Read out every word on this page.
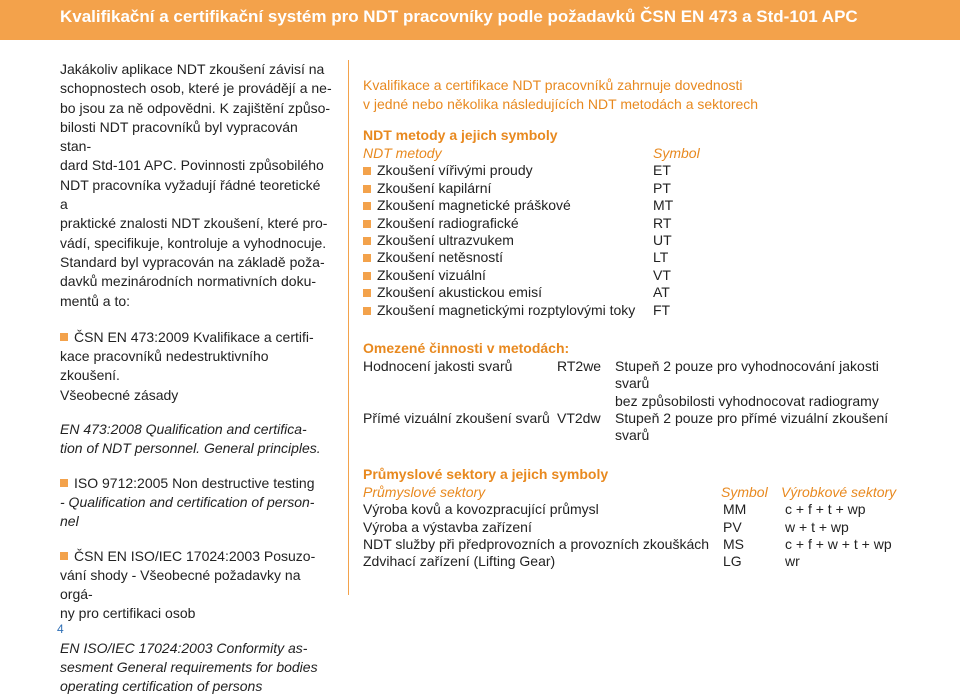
Kvalifikační a certifikační systém pro NDT pracovníky podle požadavků ČSN EN 473 a Std-101 APC

Jakákoliv aplikace NDT zkoušení závisí na

schopnostech osob, které je provádějí a ne-

bo jsou za ně odpovědni. K zajištění způso-

bilosti NDT pracovníků byl vypracován stan-

dard Std-101 APC. Povinnosti způsobilého

NDT pracovníka vyžadují řádné teoretické a

praktické znalosti NDT zkoušení, které pro-

vádí, specifikuje, kontroluje a vyhodnocuje.

Standard byl vypracován na základě poža-

davků mezinárodních normativních doku-

mentů a to:

ČSN EN 473:2009 Kvalifikace a certifi-

kace pracovníků nedestruktivního zkoušení.

Všeobecné zásady

EN 473:2008 Qualification and certifica-

tion of NDT personnel. General principles.

ISO 9712:2005 Non destructive testing

- Qualification and certification of person-

nel

ČSN EN ISO/IEC 17024:2003 Posuzo-

vání shody - Všeobecné požadavky na orgá-

ny pro certifikaci osob

EN ISO/IEC 17024:2003 Conformity as-

sesment General requirements for bodies

operating certification of persons

Kvalifikace a certifikace NDT pracovníků zahrnuje dovednosti

v jedné nebo několika následujících NDT metodách a sektorech

NDT metody a jejich symboly

NDT metody	Symbol
Zkoušení vířivými proudy	ET
Zkoušení kapilární	PT
Zkoušení magnetické práškové	MT
Zkoušení radiografické	RT
Zkoušení ultrazvukem	UT
Zkoušení netěsností	LT
Zkoušení vizuální	VT
Zkoušení akustickou emisí	AT
Zkoušení magnetickými rozptylovými toky FT

Omezené činnosti v metodách:

Hodnocení jakosti svarů	RT2we Stupeň 2 pouze pro vyhodnocování jakosti
svarů
bez způsobilosti vyhodnocovat radiogramy
Přímé vizuální zkoušení svarů VT2dw Stupeň 2 pouze pro přímé vizuální zkoušení
svarů

Průmyslové sektory a jejich symboly

Průmyslové sektory	Symbol Výrobkové sektory
Výroba kovů a kovozpracující průmysl	MM	c + f + t + wp
Výroba a výstavba zařízení	PV	w + t + wp
NDT služby při předprovozních a provozních zkouškách MS	c + f + w + t + wp
Zdvihací zařízení (Lifting Gear)	LG	wr
4
